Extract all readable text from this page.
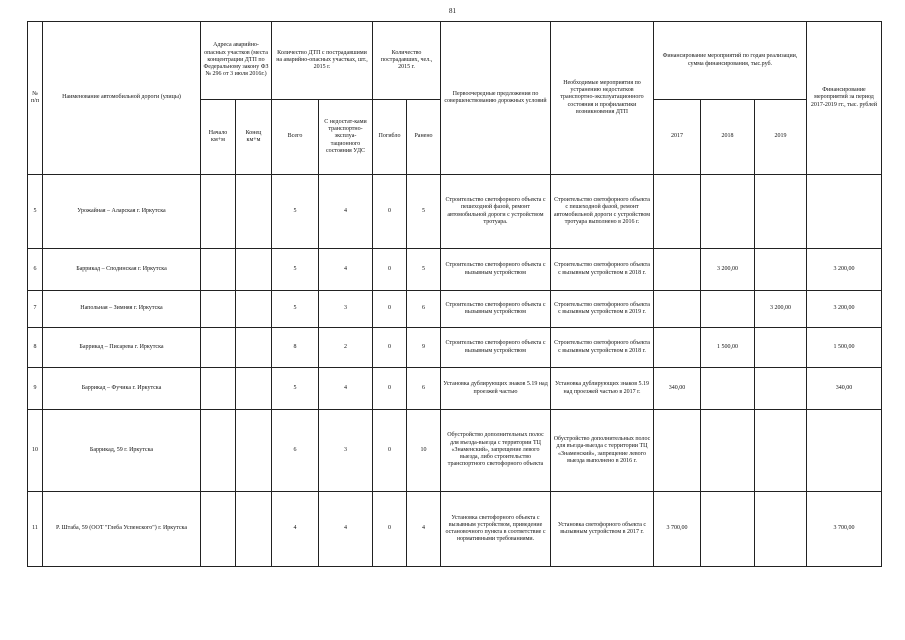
81
№ п/п	Наименование автомобильной дороги (улицы)	Адреса аварийно-опасных участков (места концентрации ДТП по Федеральному закону ФЗ № 296 от 3 июля 2016г.)		Количество ДТП с пострадавшими на аварийно-опасных участках, шт., 2015 г.		Количество пострадавших, чел., 2015 г.		Первоочередные предложения по совершенствованию дорожных условий	Необходимые мероприятия по устранению недостатков транспортно-эксплуатационного состояния и профилактики возникновения ДТП	Финансирование мероприятий по годам реализации, сумма финансирования, тыс.руб.			Финансирование мероприятий за период 2017-2019 гг., тыс. рублей
		Начало км+м	Конец км+м	Всего	С недостат-ками транспортно-эксплуа-тационного состояния УДС	Погибло	Ранено			2017	2018	2019	
5	Урожайная – Аларская г. Иркутска			5	4	0	5	Строительство светофорного объекта с пешеходной фазой, ремонт автомобильной дороги с устройством тротуара.	Строительство светофорного объекта с пешеходной фазой, ремонт автомобильной дороги с устройством тротуара выполнено в 2016 г.				
6	Баррикад – Сподинская г. Иркутска			5	4	0	5	Строительство светофорного объекта с вызывным устройством	Строительство светофорного объекта с вызывным устройством в 2018 г.		3 200,00		3 200,00
7	Напольная – Зимняя г. Иркутска			5	3	0	6	Строительство светофорного объекта с вызывным устройством	Строительство светофорного объекта с вызывным устройством в 2019 г.			3 200,00	3 200,00
8	Баррикад – Писарева г. Иркутска			8	2	0	9	Строительство светофорного объекта с вызывным устройством	Строительство светофорного объекта с вызывным устройством в 2018 г.		1 500,00		1 500,00
9	Баррикад – Фучика г. Иркутска			5	4	0	6	Установка дублирующих знаков 5.19 над проезжей частью	Установка дублирующих знаков 5.19 над проезжей частью в 2017 г.	340,00			340,00
10	Баррикад, 59 г. Иркутска			6	3	0	10	Обустройство дополнительных полос для въезда-выезда с территории ТЦ «Знаменский», запрещение левого выезда, либо строительство транспортного светофорного объекта	Обустройство дополнительных полос для въезда-выезда с территории ТЦ «Знаменский», запрещение левого выезда выполнено в 2016 г.				
11	Р. Штаба, 59 (ООТ "Глеба Успенского") г. Иркутска			4	4	0	4	Установка светофорного объекта с вызывным устройством, приведение остановочного пункта в соответствие с нормативными требованиями.	Установка светофорного объекта с вызывным устройством в 2017 г.	3 700,00			3 700,00
